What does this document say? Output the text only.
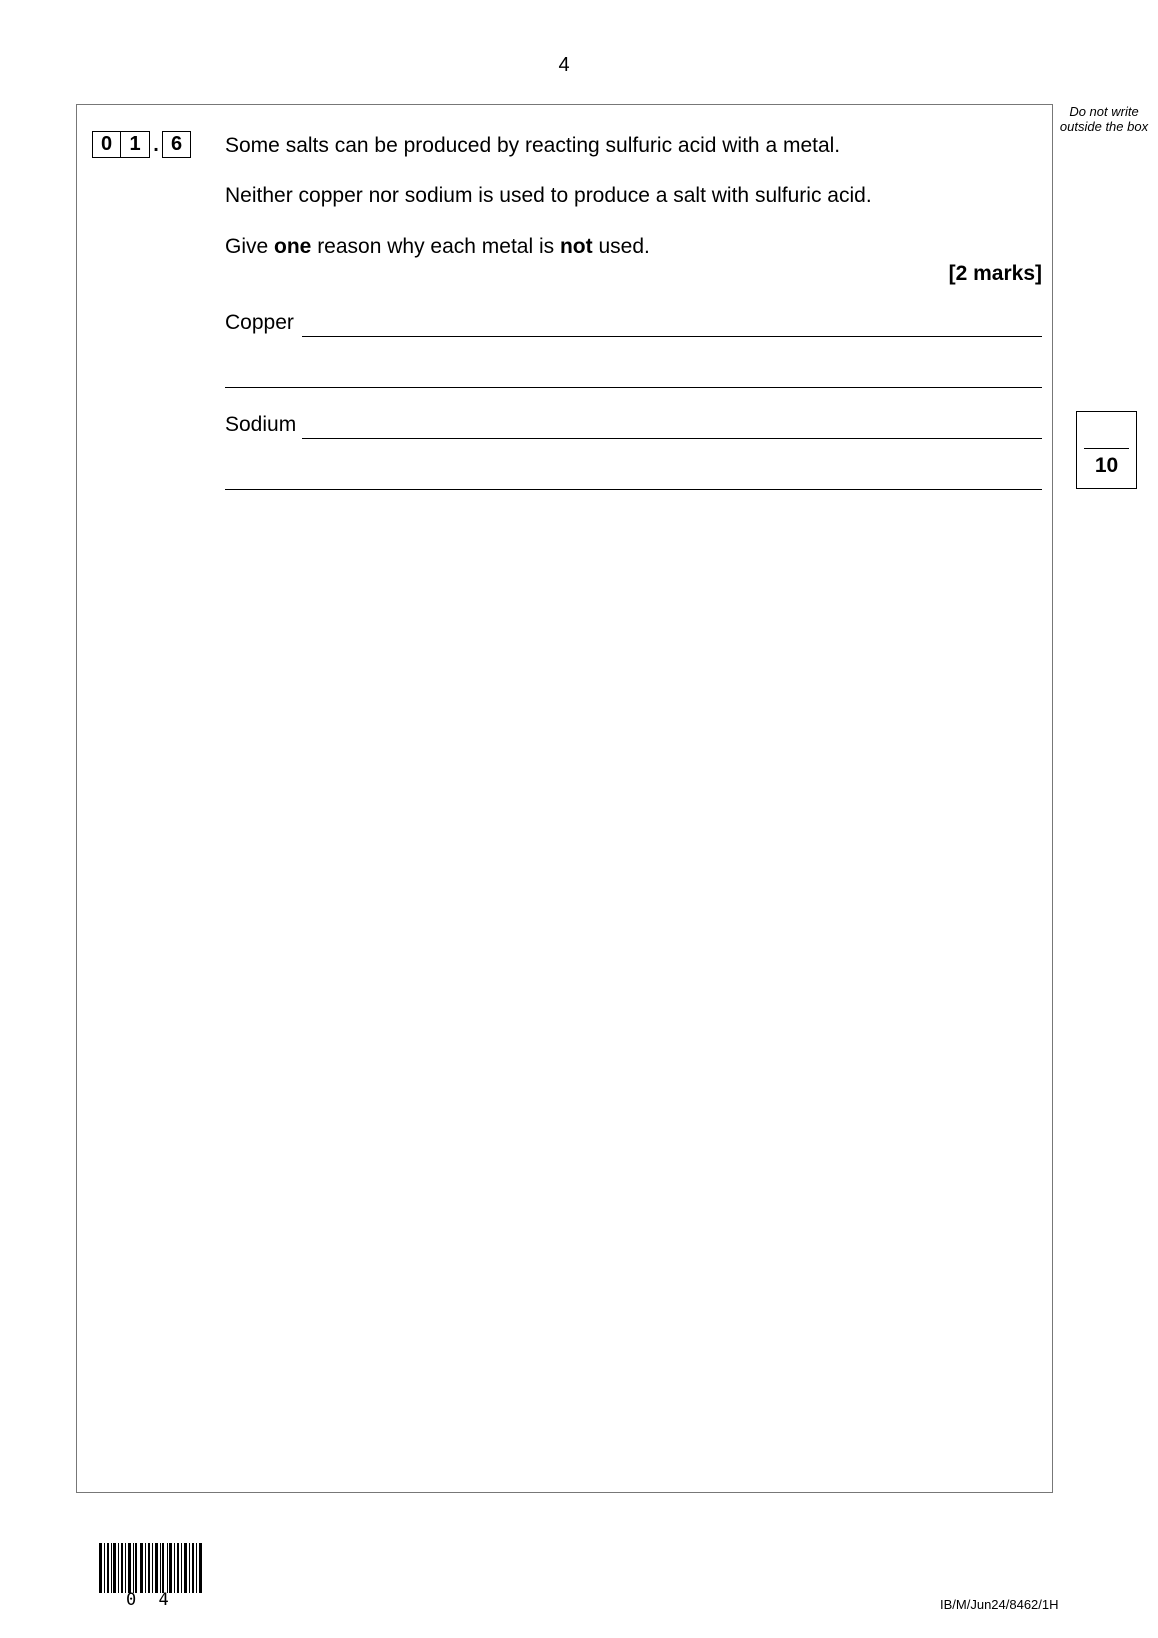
4
Do not write outside the box
0 1 . 6	Some salts can be produced by reacting sulfuric acid with a metal.
Neither copper nor sodium is used to produce a salt with sulfuric acid.
Give one reason why each metal is not used.
[2 marks]
Copper
Sodium
10
0 4	IB/M/Jun24/8462/1H
